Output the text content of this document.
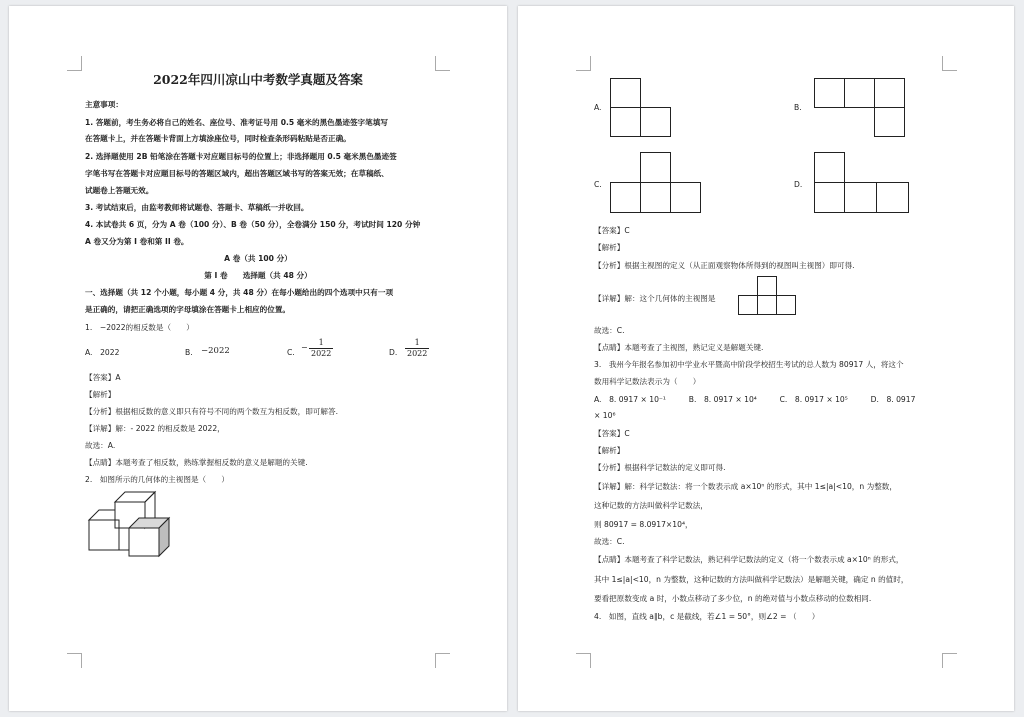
2022年四川凉山中考数学真题及答案
主意事项：
1. 答题前，考生务必将自己的姓名、座位号、准考证号用 0.5 毫米的黑色墨迹签字笔填写
在答题卡上，并在答题卡背面上方填涂座位号，同时检查条形码粘贴是否正确。
2. 选择题使用 2B 铅笔涂在答题卡对应题目标号的位置上；非选择题用 0.5 毫米黑色墨迹签
字笔书写在答题卡对应题目标号的答题区域内，超出答题区域书写的答案无效；在草稿纸、
试题卷上答题无效。
3. 考试结束后，由监考教师将试题卷、答题卡、草稿纸一并收回。
4. 本试卷共 6 页，分为 A 卷（100 分）、B 卷（50 分），全卷满分 150 分，考试时间 120 分钟
A 卷又分为第 I 卷和第 II 卷。
A 卷（共 100 分）
第 I 卷　　选择题（共 48 分）
一、选择题（共 12 个小题，每小题 4 分，共 48 分）在每小题给出的四个选项中只有一项
是正确的，请把正确选项的字母填涂在答题卡上相应的位置。
1.　−2022的相反数是（　　）
A.　2022	B. −2022	C.
−
1
2022	D. $\frac{1}{2022}$
【答案】A
【解析】
【分析】根据相反数的意义即只有符号不同的两个数互为相反数，即可解答.
【详解】解：- 2022 的相反数是 2022，
故选：A.
【点睛】本题考查了相反数，熟练掌握相反数的意义是解题的关键.
2.　如图所示的几何体的主视图是（　　）
A.	B.
C.	D.
【答案】C
【解析】
【分析】根据主视图的定义（从正面观察物体所得到的视图叫主视图）即可得.
【详解】解：这个几何体的主视图是
故选：C.
【点睛】本题考查了主视图，熟记定义是解题关键.
3.　我州今年报名参加初中学业水平暨高中阶段学校招生考试的总人数为 80917 人，将这个
数用科学记数法表示为（　　）
A.　8. 0917 × 10⁻¹　　　B.　8. 0917 × 10⁴　　　C.　8. 0917 × 10⁵　　　D.　8. 0917
× 10⁶
【答案】C
【解析】
【分析】根据科学记数法的定义即可得.
【详解】解：科学记数法：将一个数表示成 a×10ⁿ 的形式，其中 1≤|a|<10，n 为整数，
这种记数的方法叫做科学记数法，
则 80917 = 8.0917×10⁴，
故选：C.
【点睛】本题考查了科学记数法，熟记科学记数法的定义（将一个数表示成 a×10ⁿ 的形式，
其中 1≤|a|<10，n 为整数，这种记数的方法叫做科学记数法）是解题关键，确定 n 的值时，
要看把原数变成 a 时，小数点移动了多少位，n 的绝对值与小数点移动的位数相同.
4.　如图，直线 a∥b，c 是截线，若∠1 = 50°，则∠2 = （　　）
